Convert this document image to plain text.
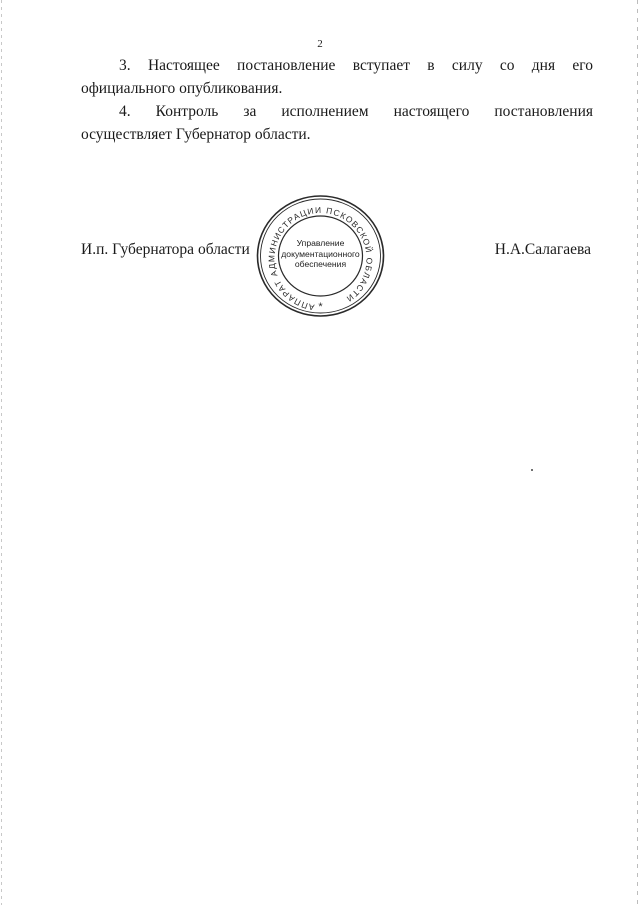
2
3. Настоящее постановление вступает в силу со дня его
официального опубликования.
4. Контроль за исполнением настоящего постановления
осуществляет Губернатор области.
И.п. Губернатора области	Н.А.Салагаева
АППАРАТ АДМИНИСТРАЦИИ ПСКОВСКОЙ ОБЛАСТИ
*
Управление
документационного
обеспечения
